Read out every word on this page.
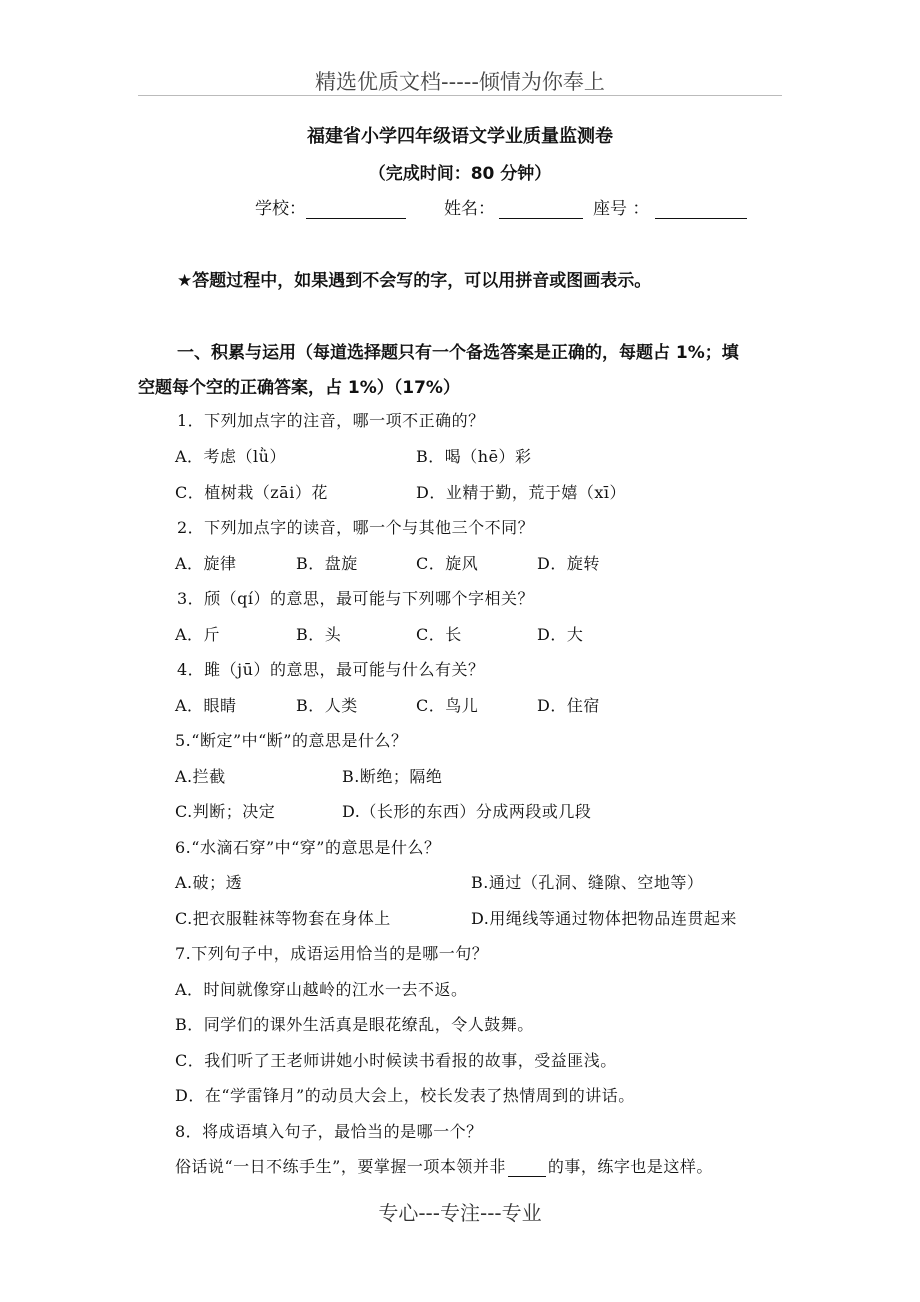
精选优质文档-----倾情为你奉上
福建省小学四年级语文学业质量监测卷
（完成时间：80 分钟）
学校：	姓名：	座号 ：
★答题过程中，如果遇到不会写的字，可以用拼音或图画表示。
一、积累与运用（每道选择题只有一个备选答案是正确的，每题占 1%；填
空题每个空的正确答案，占 1%）（17%）
1．下列加点字的注音，哪一项不正确的？
A．考虑（lǜ）	B．喝（hē）彩
C．植树栽（zāi）花	D．业精于勤，荒于嬉（xī）
2．下列加点字的读音，哪一个与其他三个不同？
A．旋律	B．盘旋	C．旋风	D．旋转
3．颀（qí）的意思，最可能与下列哪个字相关？
A．斤	B．头	C．长	D．大
4．雎（jū）的意思，最可能与什么有关？
A．眼睛	B．人类	C．鸟儿	D．住宿
5.“断定”中“断”的意思是什么？
A.拦截	B.断绝；隔绝
C.判断；决定	D.（长形的东西）分成两段或几段
6.“水滴石穿”中“穿”的意思是什么？
A.破；透	B.通过（孔洞、缝隙、空地等）
C.把衣服鞋袜等物套在身体上	D.用绳线等通过物体把物品连贯起来
7.下列句子中，成语运用恰当的是哪一句？
A．时间就像穿山越岭的江水一去不返。
B．同学们的课外生活真是眼花缭乱，令人鼓舞。
C．我们听了王老师讲她小时候读书看报的故事，受益匪浅。
D．在“学雷锋月”的动员大会上，校长发表了热情周到的讲话。
8．将成语填入句子，最恰当的是哪一个？
俗话说“一日不练手生”，要掌握一项本领并非	的事，练字也是这样。
专心---专注---专业
